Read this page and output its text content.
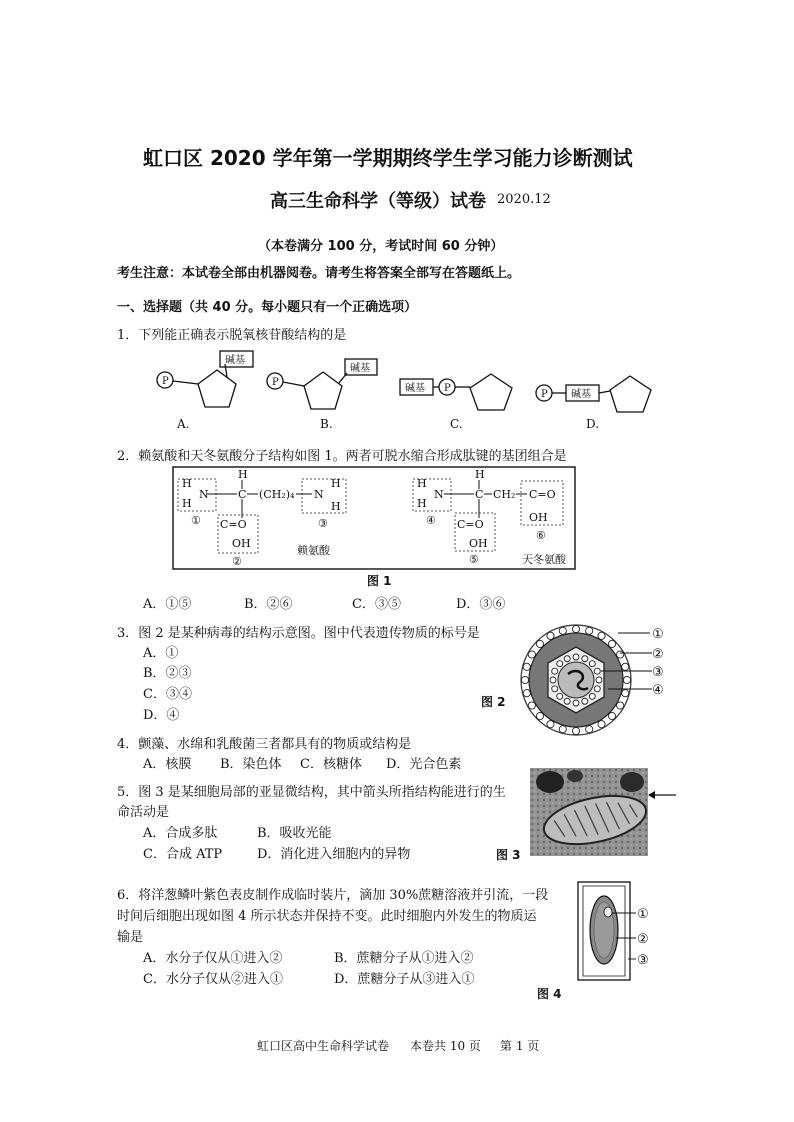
虹口区 2020 学年第一学期期终学生学习能力诊断测试
高三生命科学（等级）试卷 2020.12
（本卷满分 100 分，考试时间 60 分钟）
考生注意：本试卷全部由机器阅卷。请考生将答案全部写在答题纸上。
一、选择题（共 40 分。每小题只有一个正确选项）
1．下列能正确表示脱氧核苷酸结构的是
P	P
P
P
碱基
碱基
碱基
碱基
A.	B.	C.	D.
2．赖氨酸和天冬氨酸分子结构如图 1。两者可脱水缩合形成肽键的基团组合是
H
N
H
H
C (CH₂)₄ N
H
H
C=O
OH
①
②
③
赖氨酸
H
N
H
H
C CH₂ C=O
OH
C=O
OH
④
⑤
⑥
天冬氨酸
图 1
A．①⑤	B．②⑥	C．③⑤	D．③⑥
3．图 2 是某种病毒的结构示意图。图中代表遗传物质的标号是
A．①
B．②③
C．③④
D．④
图 2
①
②
③
④
4．颤藻、水绵和乳酸菌三者都具有的物质或结构是
A．核膜 B．染色体 C．核糖体 D．光合色素
5．图 3 是某细胞局部的亚显微结构，其中箭头所指结构能进行的生
命活动是
A．合成多肽	B．吸收光能
C．合成 ATP	D．消化进入细胞内的异物	图 3
6．将洋葱鳞叶紫色表皮制作成临时装片，滴加 30%蔗糖溶液并引流，一段
时间后细胞出现如图 4 所示状态并保持不变。此时细胞内外发生的物质运
输是
A．水分子仅从①进入②	B．蔗糖分子从①进入②
C．水分子仅从②进入①	D．蔗糖分子从③进入①
图 4
①
②
③
虹口区高中生命科学试卷 本卷共 10 页 第 1 页
